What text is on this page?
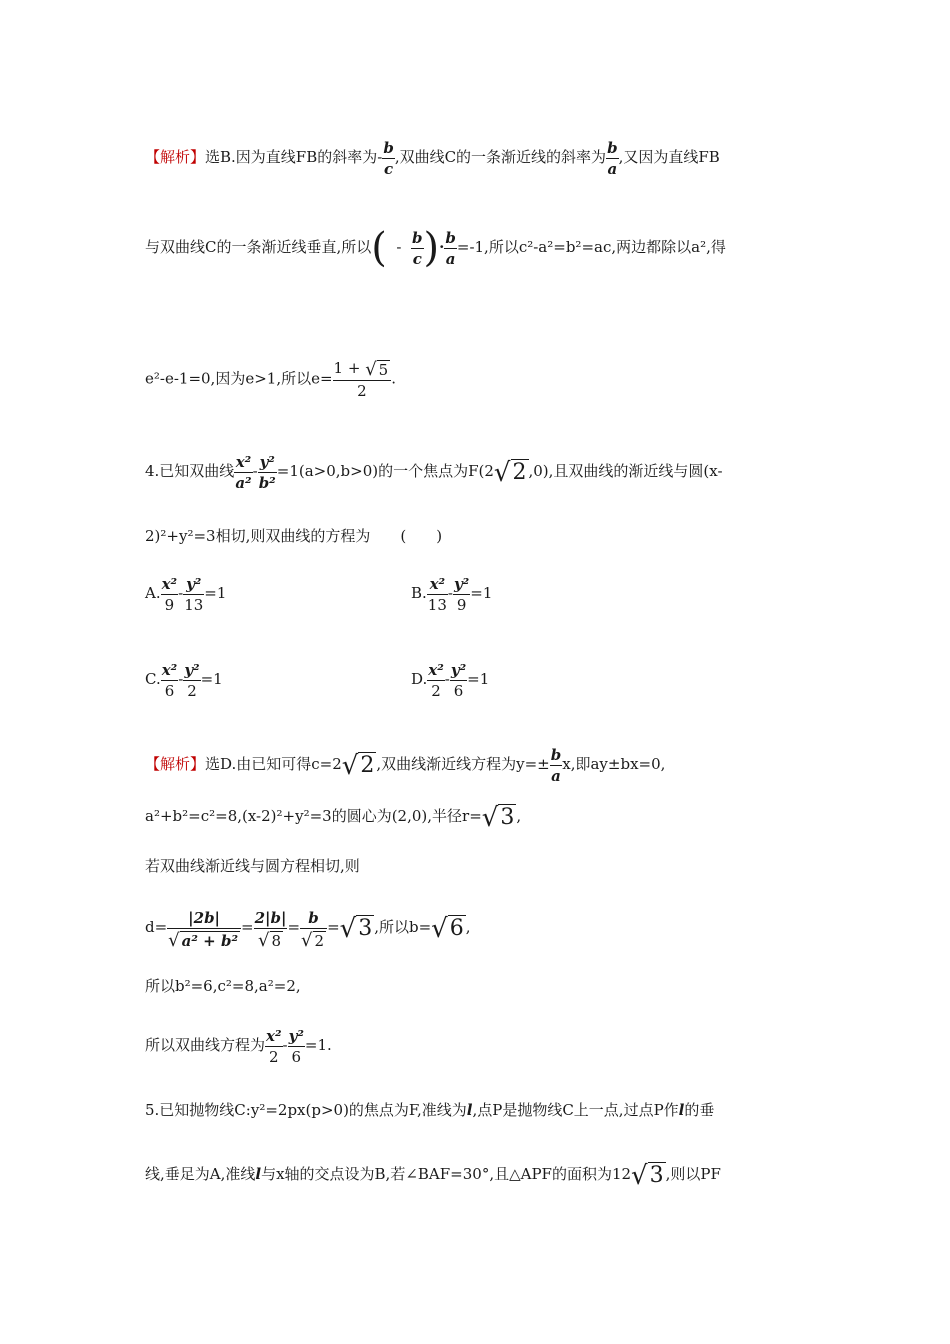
【解析】选B.因为直线FB的斜率为- $\frac{b}{c}$ ,双曲线C的一条渐近线的斜率为 $\frac{b}{a}$ ,又因为直线FB
与双曲线C的一条渐近线垂直,所以( - $\frac{b}{c}$ )· $\frac{b}{a} =-1$,所以c²-a²=b²=ac,两边都除以a²,得
e²-e-1=0,因为e>1,所以$e= \frac{1 + √ 5}{2}$ .
4.已知双曲线 $\frac{\text{x²}}{\text{a²}} - \frac{\text{y²}}{\text{b²}} =1(a>0,b>0)$的一个焦点为F(2√2 ,0),且双曲线的渐近线与圆(x-
2)²+y²=3相切,则双曲线的方程为　　(　　)
A. $\frac{\text{x²}}{9} - \frac{\text{y²}}{13} =1$	B. $\frac{\text{x²}}{13} - \frac{\text{y²}}{9} =1$
C. $\frac{\text{x²}}{6} - \frac{\text{y²}}{2} =1$	D. $\frac{\text{x²}}{2} - \frac{\text{y²}}{6} =1$
【解析】选D.由已知可得c=2√2 ,双曲线渐近线方程为$y=\pm \frac{b}{a} x$,即ay±bx=0,
a²+b²=c²=8,(x-2)²+y²=3的圆心为(2,0),半径r=√3 ,
若双曲线渐近线与圆方程相切,则
$d= \frac{|2b|}{\text{√ a² + b²}} = \frac{2|b|}{√ 8} = \frac{b}{√ 2} =√3$ ,所以b=√6 ,
所以b²=6,c²=8,a²=2,
所以双曲线方程为 $\frac{\text{x²}}{2} - \frac{\text{y²}}{6} =1$.
5.已知抛物线C:y²=2px(p>0)的焦点为F,准线为l,点P是抛物线C上一点,过点P作l的垂
线,垂足为A,准线l与x轴的交点设为B,若∠BAF=30°,且△APF的面积为12√3 ,则以PF
